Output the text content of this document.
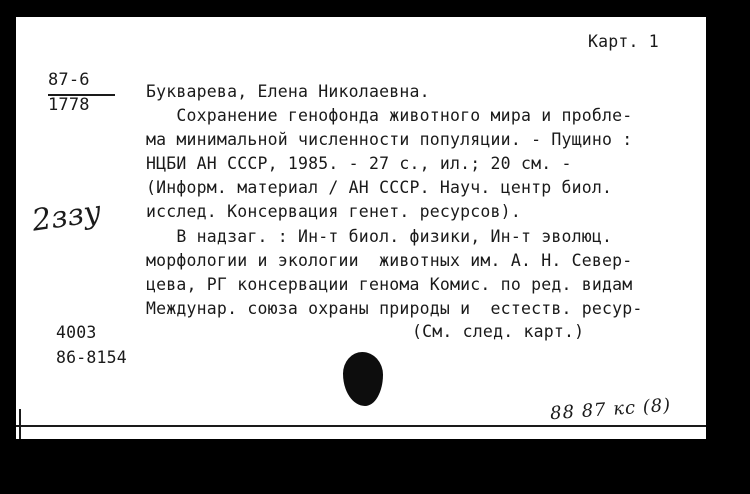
Карт. 1
87-6
1778
Букварева, Елена Николаевна.
Сохранение генофонда животного мира и пробле-
ма минимальной численности популяции. - Пущино :
НЦБИ АН СССР, 1985. - 27 с., ил.; 20 см. -
(Информ. материал / АН СССР. Науч. центр биол.
исслед. Консервация генет. ресурсов).
В надзаг. : Ин-т биол. физики, Ин-т эволюц.
морфологии и экологии  животных им. А. Н. Север-
цева, РГ консервации генома Комис. по ред. видам
Междунар. союза охраны природы и  естеств. ресур-
(См. след. карт.)
4003
86-8154
2ззу
88 87 кс (8)
